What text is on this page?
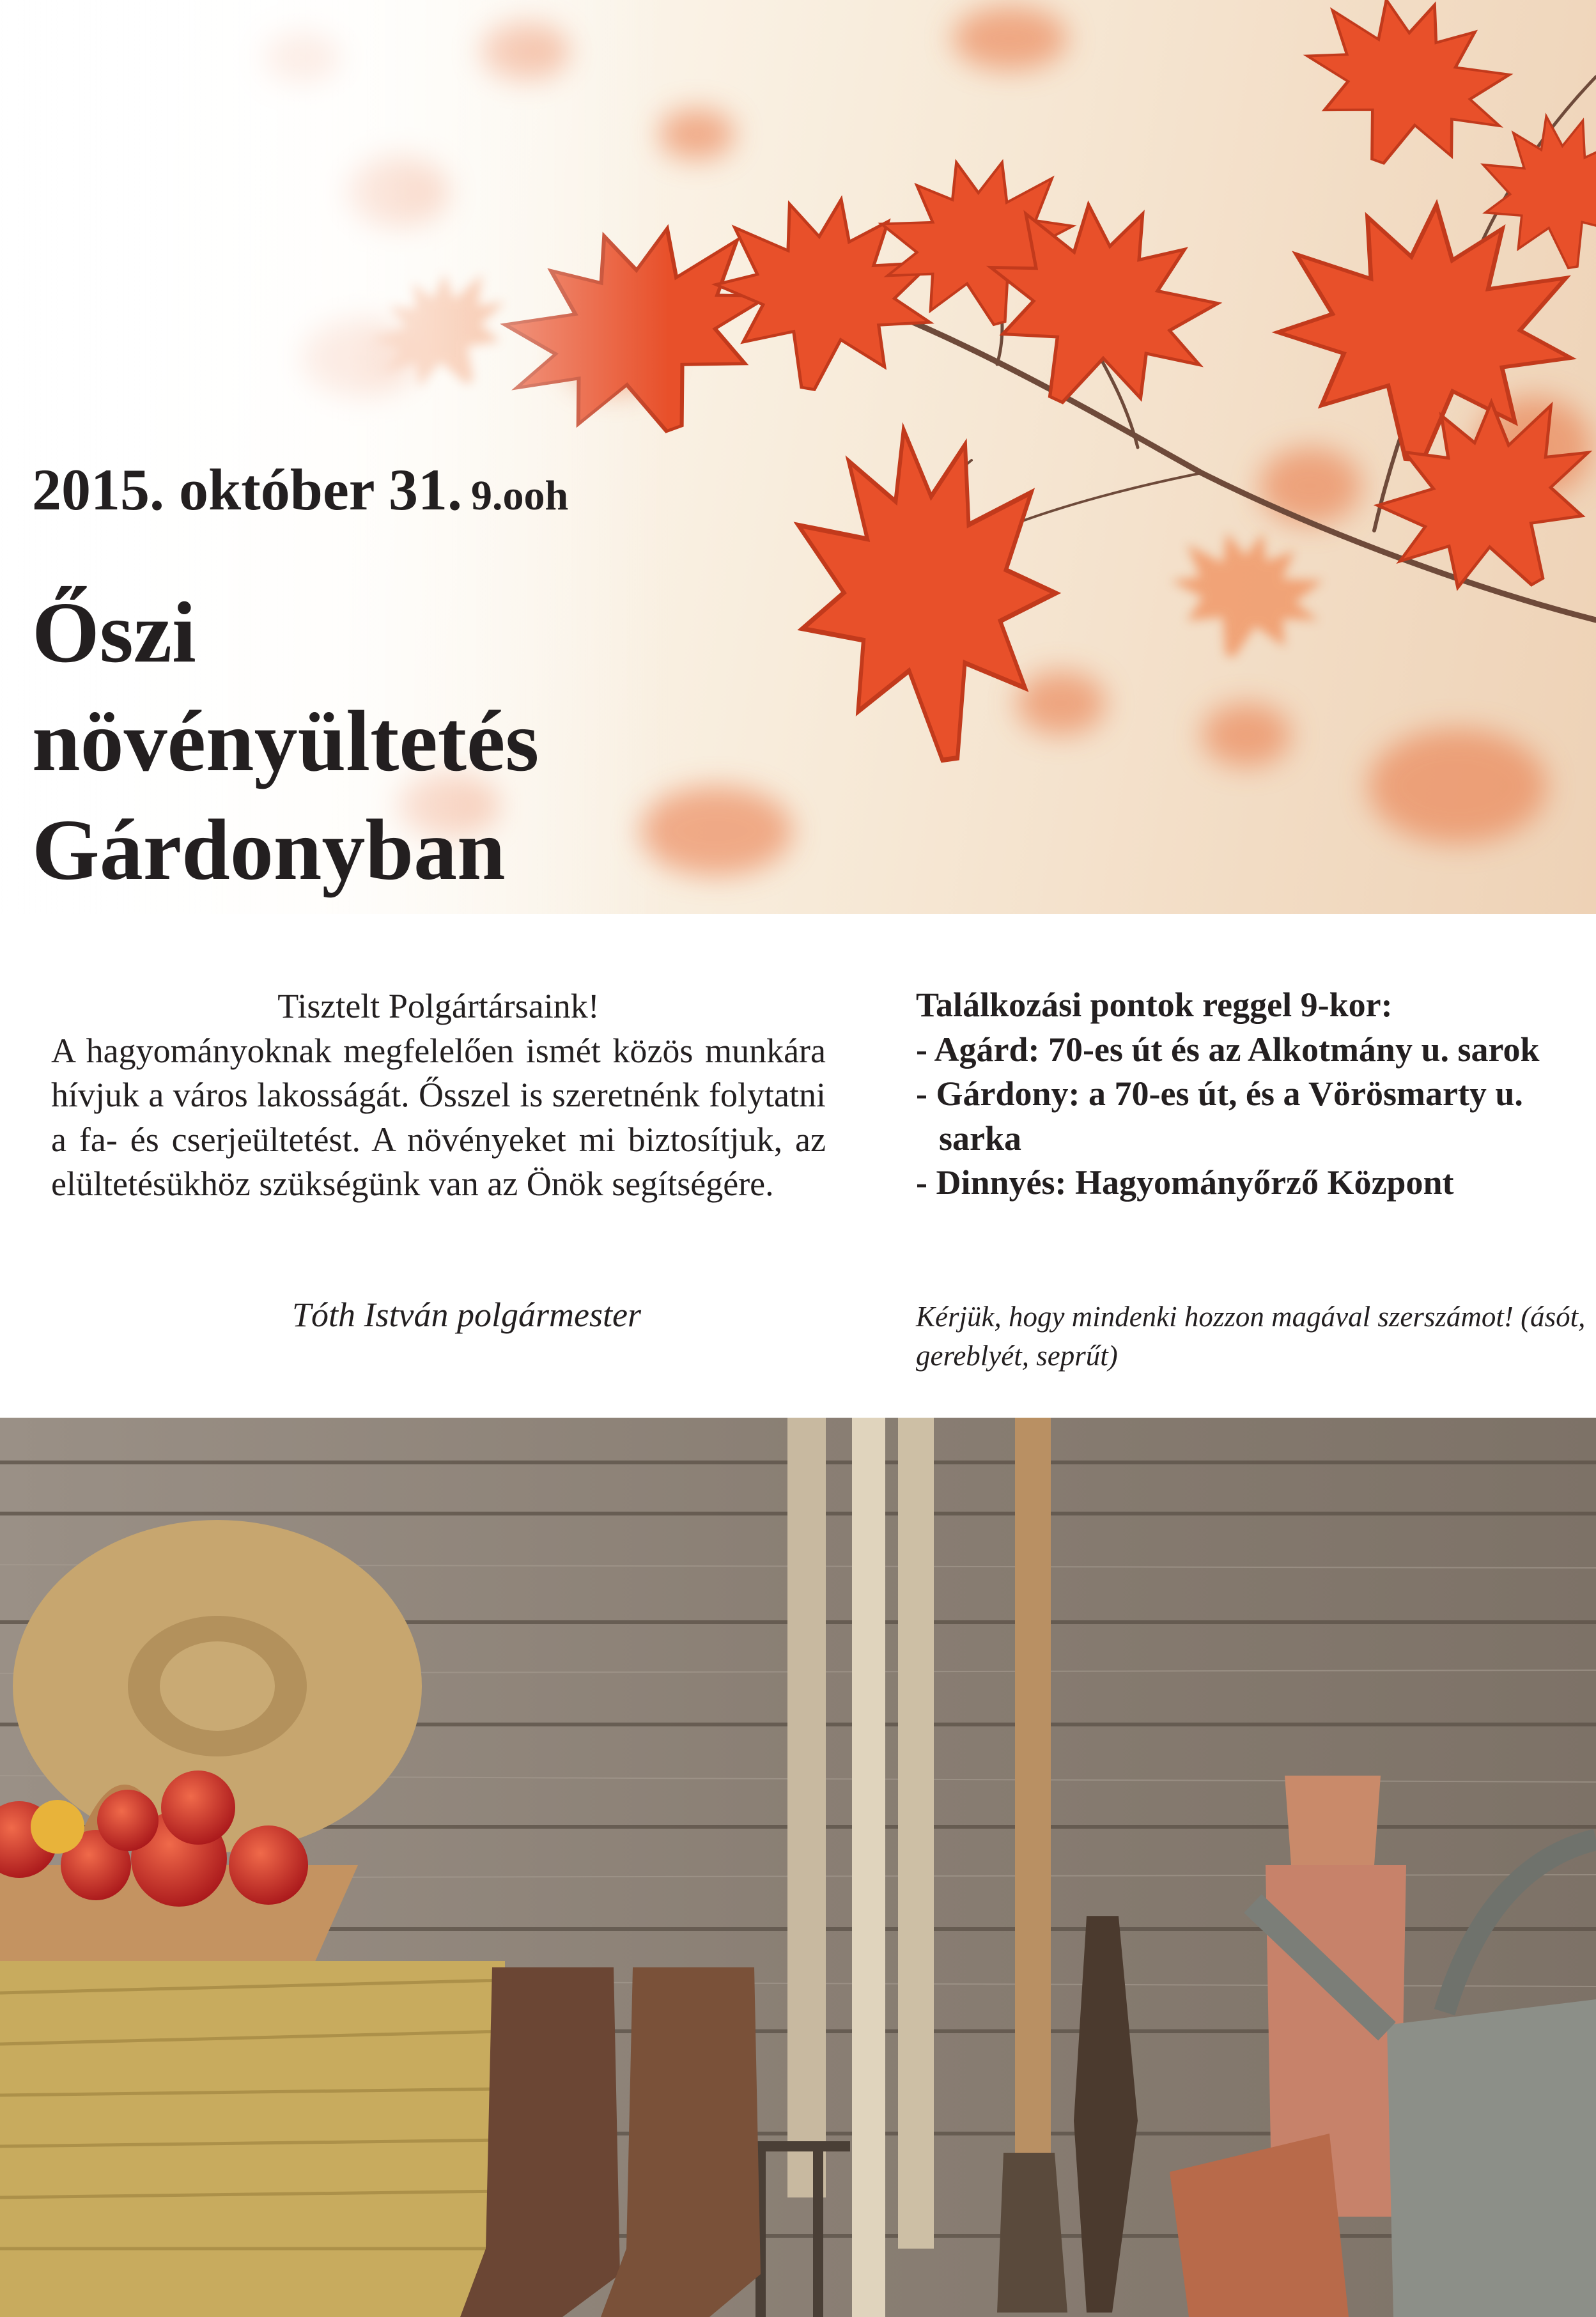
2015. október 31. 9.ooh
Őszi
növényültetés
Gárdonyban
Tisztelt Polgártársaink!
A hagyományoknak megfelelően ismét közös munkára hívjuk a város lakosságát. Ősszel is szeretnénk folytatni a fa- és cserjeültetést. A növényeket mi biztosítjuk, az elültetésükhöz szükségünk van az Önök segítségére.
Tóth István polgármester
Találkozási pontok reggel 9-kor:
- Agárd: 70-es út és az Alkotmány u. sarok
- Gárdony: a 70-es út, és a Vörösmarty u. sarka
- Dinnyés: Hagyományőrző Központ
Kérjük, hogy mindenki hozzon magával szerszámot! (ásót, gereblyét, seprűt)
